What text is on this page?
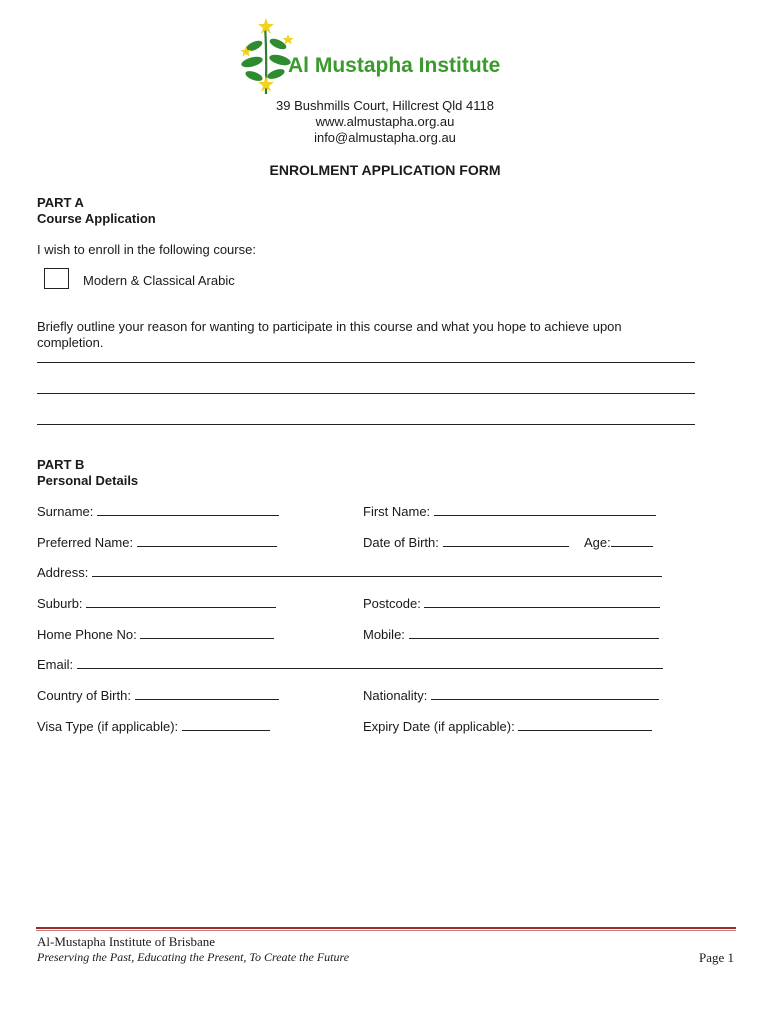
Al Mustapha Institute
39 Bushmills Court, Hillcrest Qld 4118
www.almustapha.org.au
info@almustapha.org.au
ENROLMENT APPLICATION FORM
PART A
Course Application
I wish to enroll in the following course:
Modern & Classical Arabic
Briefly outline your reason for wanting to participate in this course and what you hope to achieve upon completion.
PART B
Personal Details
Surname:	First Name:
Preferred Name:	Date of Birth:	Age:
Address:
Suburb:	Postcode:
Home Phone No:	Mobile:
Email:
Country of Birth:	Nationality:
Visa Type (if applicable):	Expiry Date (if applicable):
Al-Mustapha Institute of Brisbane
Preserving the Past, Educating the Present, To Create the Future	Page 1
